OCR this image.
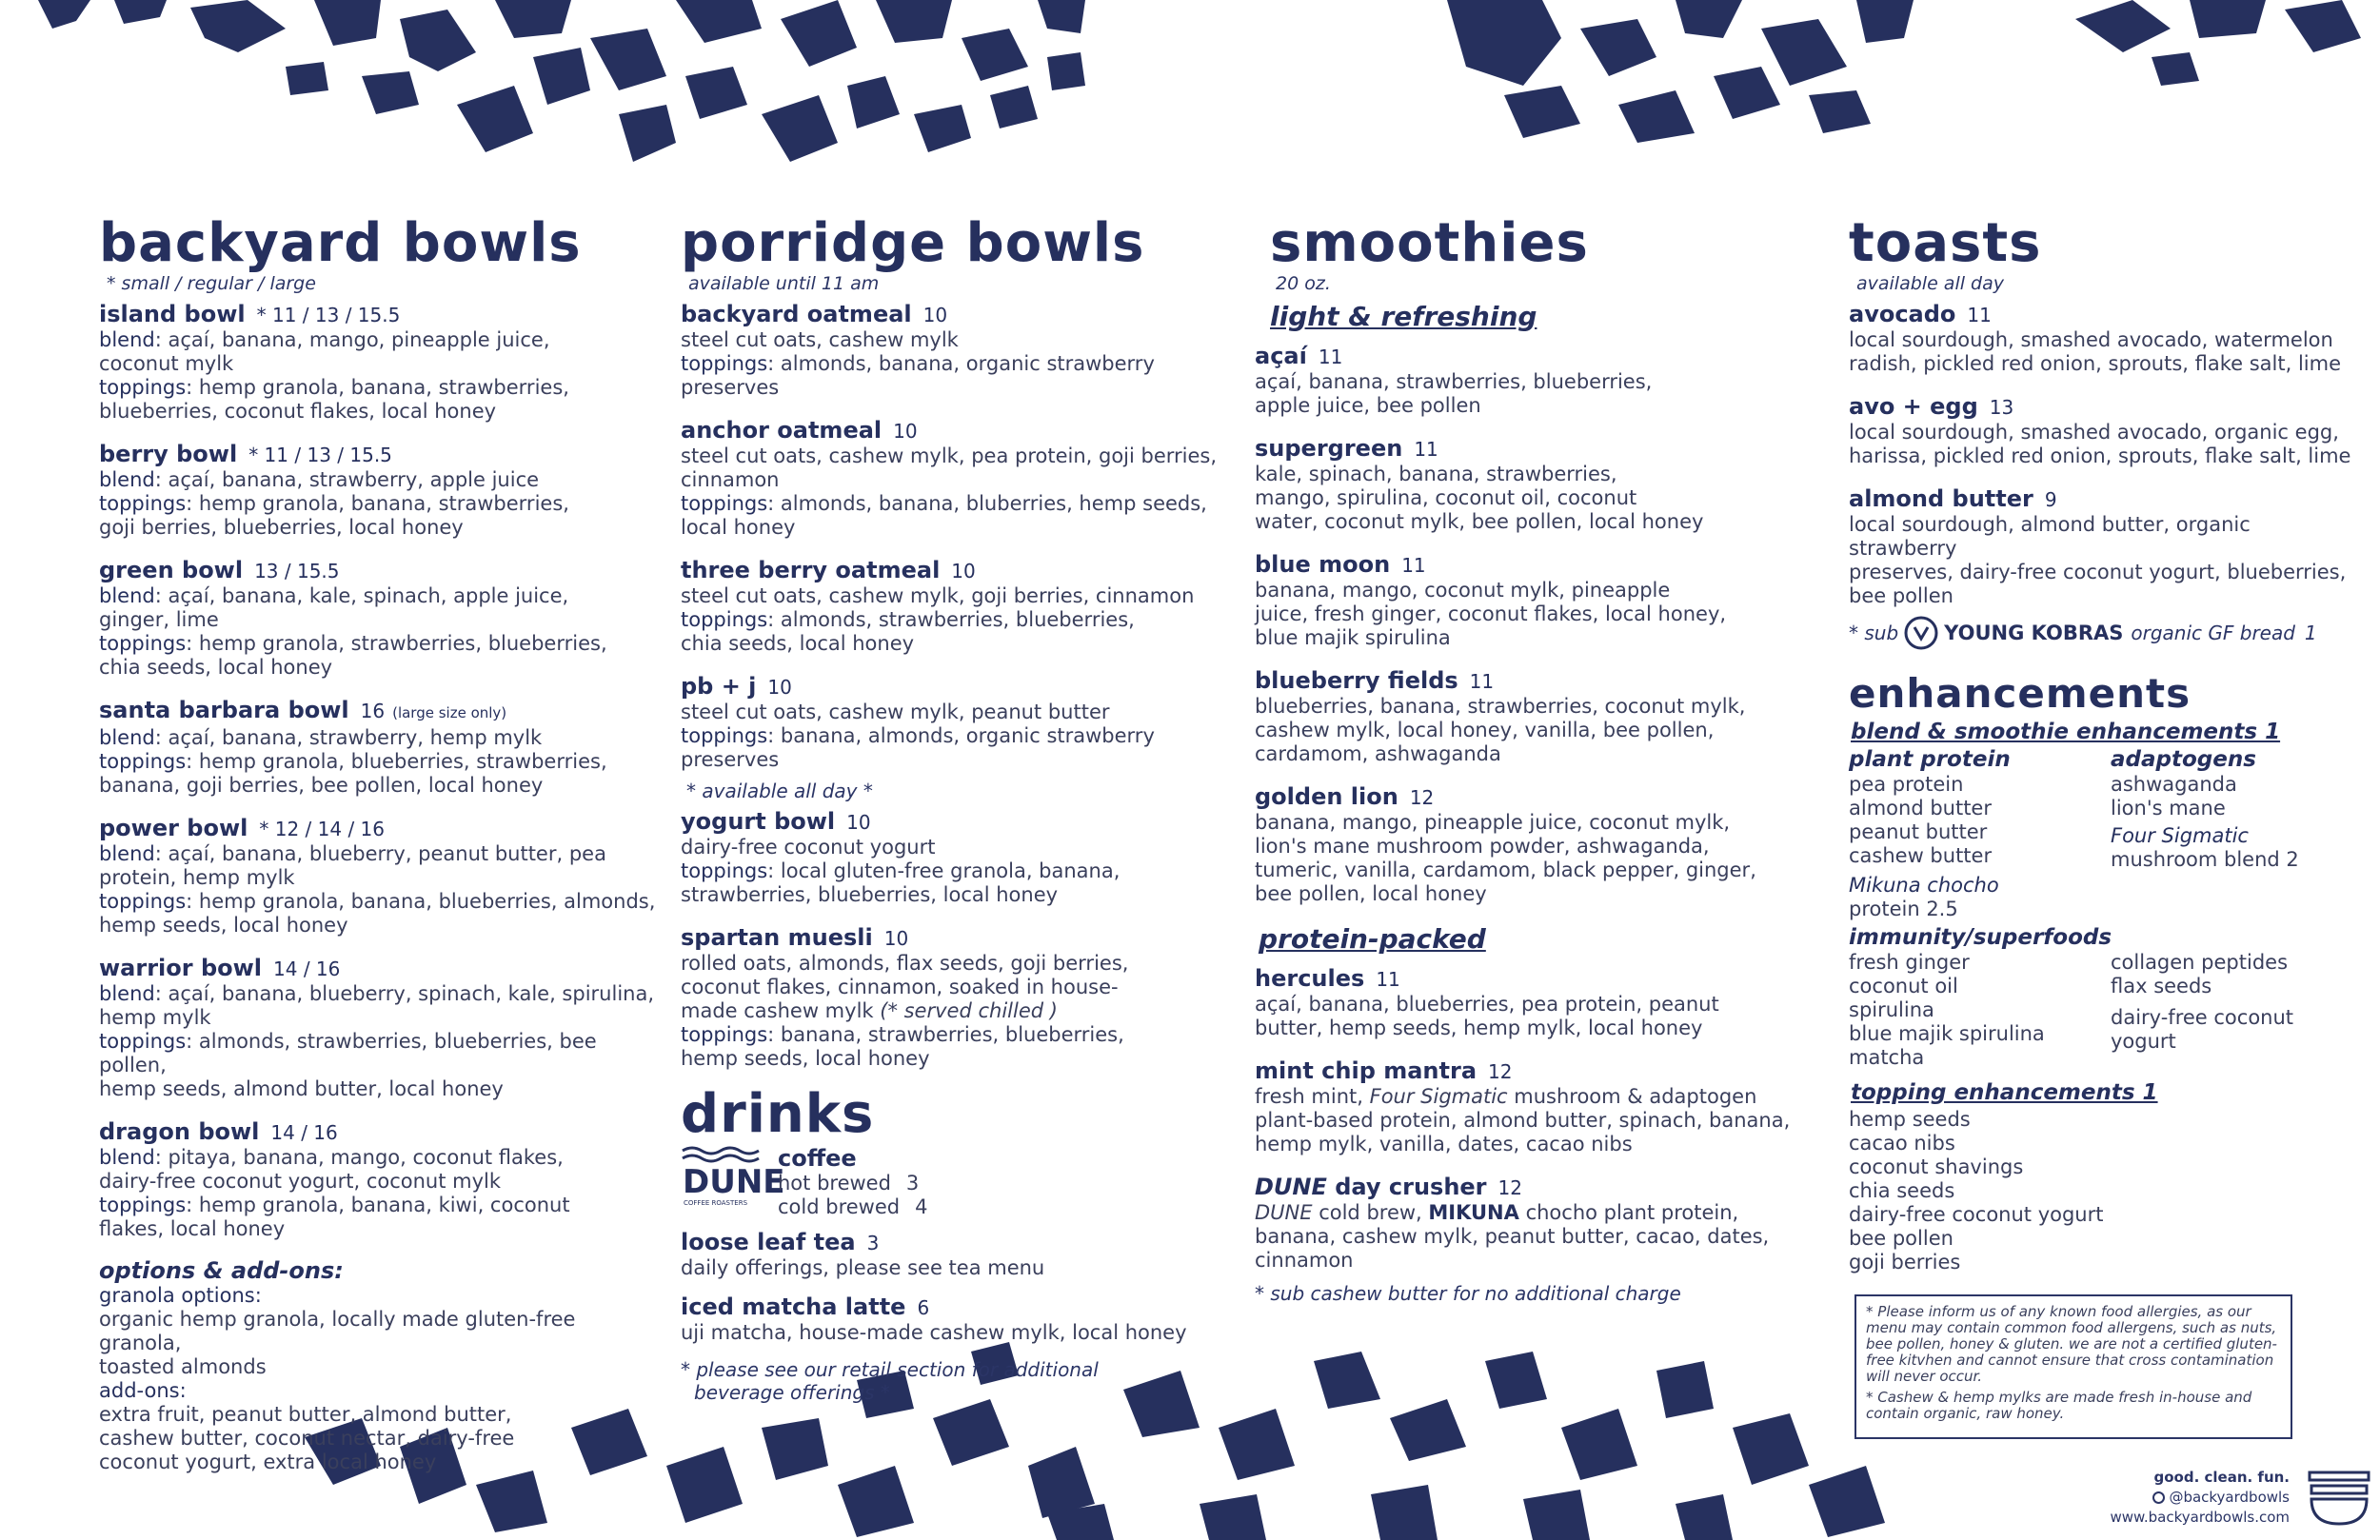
backyard bowls
* small / regular / large
island bowl * 11 / 13 / 15.5
blend: açaí, banana, mango, pineapple juice,
coconut mylk
toppings: hemp granola, banana, strawberries,
blueberries, coconut flakes, local honey
berry bowl * 11 / 13 / 15.5
blend: açaí, banana, strawberry, apple juice
toppings: hemp granola, banana, strawberries,
goji berries, blueberries, local honey
green bowl 13 / 15.5
blend: açaí, banana, kale, spinach, apple juice,
ginger, lime
toppings: hemp granola, strawberries, blueberries,
chia seeds, local honey
santa barbara bowl 16 (large size only)
blend: açaí, banana, strawberry, hemp mylk
toppings: hemp granola, blueberries, strawberries,
banana, goji berries, bee pollen, local honey
power bowl * 12 / 14 / 16
blend: açaí, banana, blueberry, peanut butter, pea
protein, hemp mylk
toppings: hemp granola, banana, blueberries, almonds,
hemp seeds, local honey
warrior bowl 14 / 16
blend: açaí, banana, blueberry, spinach, kale, spirulina,
hemp mylk
toppings: almonds, strawberries, blueberries, bee pollen,
hemp seeds, almond butter, local honey
dragon bowl 14 / 16
blend: pitaya, banana, mango, coconut flakes,
dairy-free coconut yogurt, coconut mylk
toppings: hemp granola, banana, kiwi, coconut
flakes, local honey
options & add-ons:
granola options:
organic hemp granola, locally made gluten-free granola,
toasted almonds
add-ons:
extra fruit, peanut butter, almond butter,
cashew butter, coconut nectar, dairy-free
coconut yogurt, extra local honey
porridge bowls
available until 11 am
backyard oatmeal 10
steel cut oats, cashew mylk
toppings: almonds, banana, organic strawberry
preserves
anchor oatmeal 10
steel cut oats, cashew mylk, pea protein, goji berries,
cinnamon
toppings: almonds, banana, bluberries, hemp seeds,
local honey
three berry oatmeal 10
steel cut oats, cashew mylk, goji berries, cinnamon
toppings: almonds, strawberries, blueberries,
chia seeds, local honey
pb + j 10
steel cut oats, cashew mylk, peanut butter
toppings: banana, almonds, organic strawberry
preserves
* available all day *
yogurt bowl 10
dairy-free coconut yogurt
toppings: local gluten-free granola, banana,
strawberries, blueberries, local honey
spartan muesli 10
rolled oats, almonds, flax seeds, goji berries,
coconut flakes, cinnamon, soaked in house-
made cashew mylk (* served chilled )
toppings: banana, strawberries, blueberries,
hemp seeds, local honey
drinks
DUNE
COFFEE ROASTERS
coffee
hot brewed 3
cold brewed 4
loose leaf tea 3
daily offerings, please see tea menu
iced matcha latte 6
uji matcha, house-made cashew mylk, local honey
* please see our retail section for additional
beverage offerings *
smoothies
20 oz.
light & refreshing
açaí 11
açaí, banana, strawberries, blueberries,
apple juice, bee pollen
supergreen 11
kale, spinach, banana, strawberries,
mango, spirulina, coconut oil, coconut
water, coconut mylk, bee pollen, local honey
blue moon 11
banana, mango, coconut mylk, pineapple
juice, fresh ginger, coconut flakes, local honey,
blue majik spirulina
blueberry fields 11
blueberries, banana, strawberries, coconut mylk,
cashew mylk, local honey, vanilla, bee pollen,
cardamom, ashwaganda
golden lion 12
banana, mango, pineapple juice, coconut mylk,
lion's mane mushroom powder, ashwaganda,
tumeric, vanilla, cardamom, black pepper, ginger,
bee pollen, local honey
protein-packed
hercules 11
açaí, banana, blueberries, pea protein, peanut
butter, hemp seeds, hemp mylk, local honey
mint chip mantra 12
fresh mint, Four Sigmatic mushroom & adaptogen
plant-based protein, almond butter, spinach, banana,
hemp mylk, vanilla, dates, cacao nibs
DUNE day crusher 12
DUNE cold brew, MIKUNA chocho plant protein,
banana, cashew mylk, peanut butter, cacao, dates,
cinnamon
* sub cashew butter for no additional charge
toasts
available all day
avocado 11
local sourdough, smashed avocado, watermelon
radish, pickled red onion, sprouts, flake salt, lime
avo + egg 13
local sourdough, smashed avocado, organic egg,
harissa, pickled red onion, sprouts, flake salt, lime
almond butter 9
local sourdough, almond butter, organic strawberry
preserves, dairy-free coconut yogurt, blueberries,
bee pollen
* sub YOUNG KOBRAS organic GF bread 1
enhancements
blend & smoothie enhancements 1
plant protein
pea protein
almond butter
peanut butter
cashew butter
Mikuna chocho
protein 2.5
adaptogens
ashwaganda
lion's mane
Four Sigmatic
mushroom blend 2
immunity/superfoods
fresh ginger
coconut oil
spirulina
blue majik spirulina
matcha
collagen peptides
flax seeds
dairy-free coconut
yogurt
topping enhancements 1
hemp seeds
cacao nibs
coconut shavings
chia seeds
dairy-free coconut yogurt
bee pollen
goji berries

* Please inform us of any known food allergies, as our menu may contain common food allergens, such as nuts, bee pollen, honey & gluten. we are not a certified gluten-free kitvhen and cannot ensure that cross contamination will never occur.

* Cashew & hemp mylks are made fresh in-house and contain organic, raw honey.

good. clean. fun.
@backyardbowls
www.backyardbowls.com
